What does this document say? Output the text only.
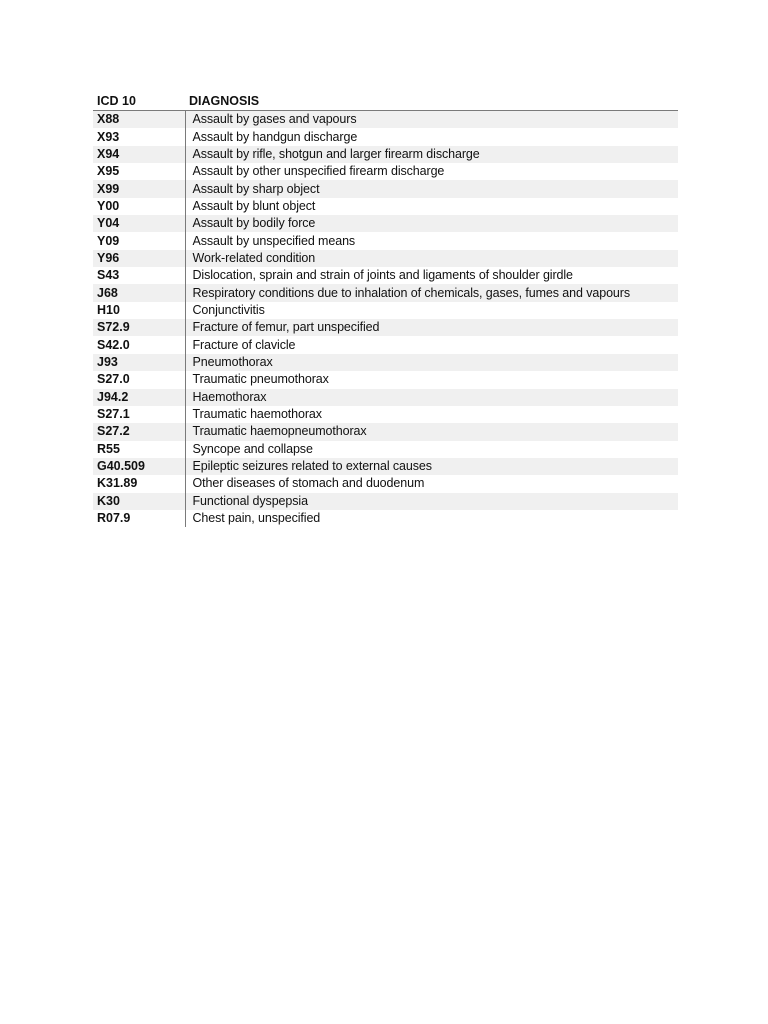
ICD 10	DIAGNOSIS
X88	Assault by gases and vapours
X93	Assault by handgun discharge
X94	Assault by rifle, shotgun and larger firearm discharge
X95	Assault by other unspecified firearm discharge
X99	Assault by sharp object
Y00	Assault by blunt object
Y04	Assault by bodily force
Y09	Assault by unspecified means
Y96	Work-related condition
S43	Dislocation, sprain and strain of joints and ligaments of shoulder girdle
J68	Respiratory conditions due to inhalation of chemicals, gases, fumes and vapours
H10	Conjunctivitis
S72.9	Fracture of femur, part unspecified
S42.0	Fracture of clavicle
J93	Pneumothorax
S27.0	Traumatic pneumothorax
J94.2	Haemothorax
S27.1	Traumatic haemothorax
S27.2	Traumatic haemopneumothorax
R55	Syncope and collapse
G40.509	Epileptic seizures related to external causes
K31.89	Other diseases of stomach and duodenum
K30	Functional dyspepsia
R07.9	Chest pain, unspecified
